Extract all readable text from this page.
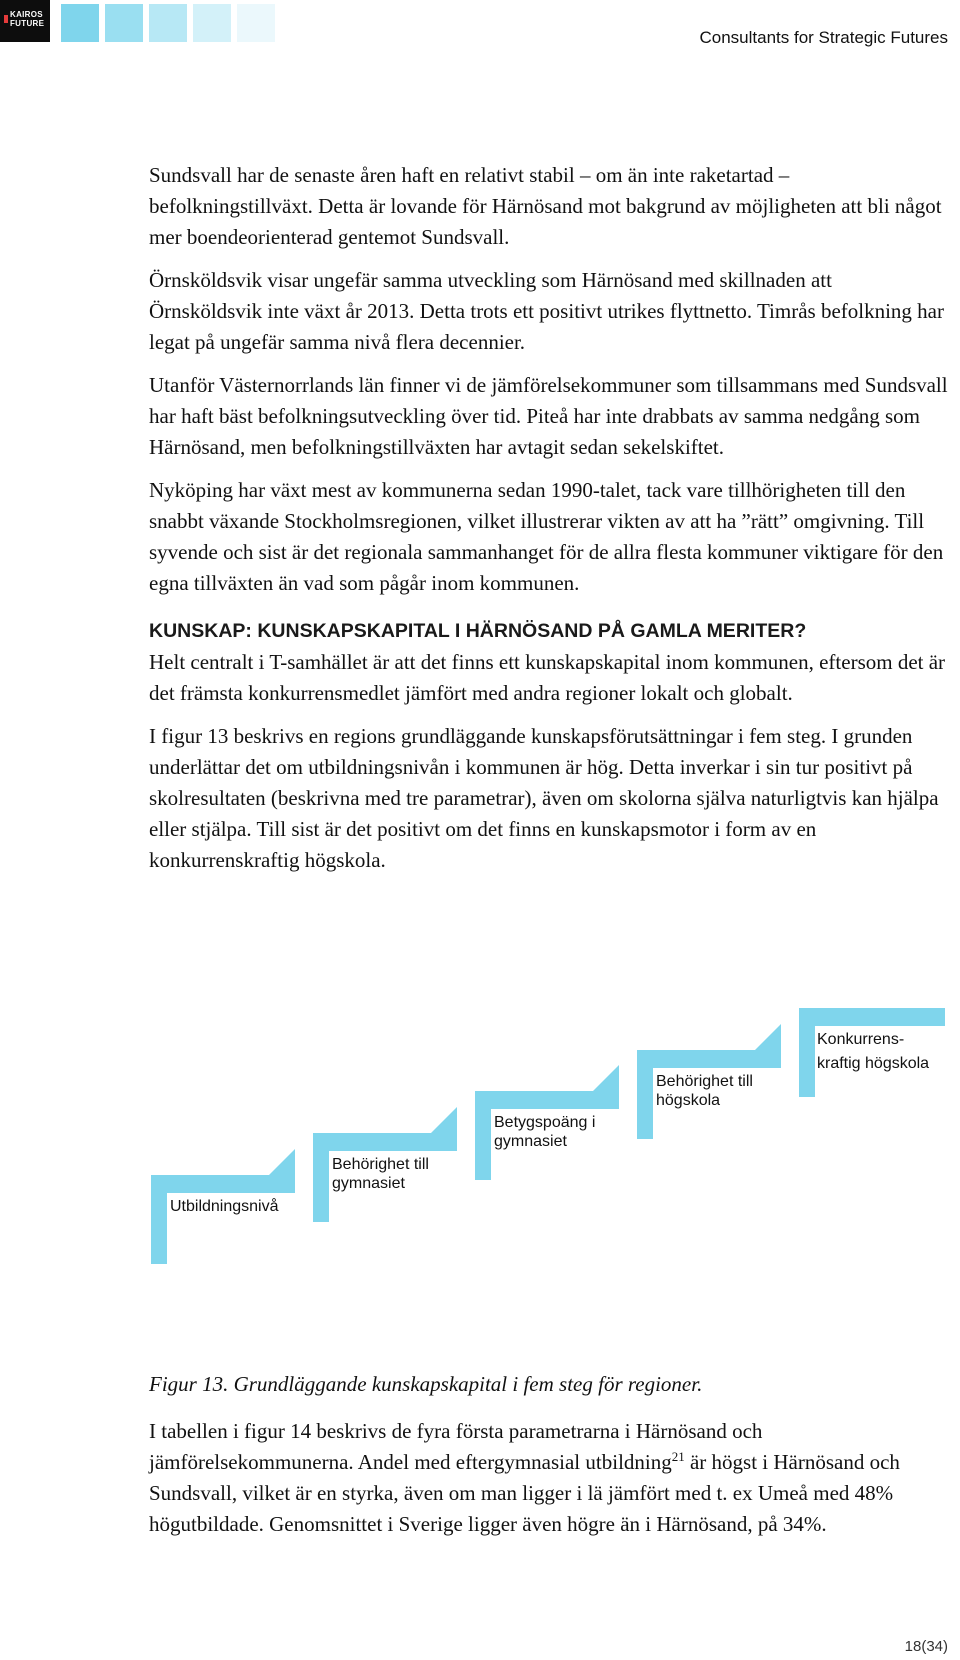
KAIROS
FUTURE
Consultants for Strategic Futures

Sundsvall har de senaste åren haft en relativt stabil – om än inte raketartad – befolkningstillväxt. Detta är lovande för Härnösand mot bakgrund av möjligheten att bli något mer boendeorienterad gentemot Sundsvall.

Örnsköldsvik visar ungefär samma utveckling som Härnösand med skillnaden att Örnsköldsvik inte växt år 2013. Detta trots ett positivt utrikes flyttnetto. Timrås befolkning har legat på ungefär samma nivå flera decennier.

Utanför Västernorrlands län finner vi de jämförelsekommuner som tillsammans med Sundsvall har haft bäst befolkningsutveckling över tid. Piteå har inte drabbats av samma nedgång som Härnösand, men befolkningstillväxten har avtagit sedan sekelskiftet.

Nyköping har växt mest av kommunerna sedan 1990-talet, tack vare tillhörigheten till den snabbt växande Stockholmsregionen, vilket illustrerar vikten av att ha ”rätt” omgivning. Till syvende och sist är det regionala sammanhanget för de allra flesta kommuner viktigare för den egna tillväxten än vad som pågår inom kommunen.

KUNSKAP: KUNSKAPSKAPITAL I HÄRNÖSAND PÅ GAMLA MERITER?

Helt centralt i T-samhället är att det finns ett kunskapskapital inom kommunen, eftersom det är det främsta konkurrensmedlet jämfört med andra regioner lokalt och globalt.

I figur 13 beskrivs en regions grundläggande kunskapsförutsättningar i fem steg. I grunden underlättar det om utbildningsnivån i kommunen är hög. Detta inverkar i sin tur positivt på skolresultaten (beskrivna med tre parametrar), även om skolorna själva naturligtvis kan hjälpa eller stjälpa. Till sist är det positivt om det finns en kunskapsmotor i form av en konkurrenskraftig högskola.

Utbildningsnivå
Behörighet till gymnasiet
Betygspoäng i gymnasiet
Behörighet till högskola
Konkurrens-
kraftig högskola
Figur 13. Grundläggande kunskapskapital i fem steg för regioner.

I tabellen i figur 14 beskrivs de fyra första parametrarna i Härnösand och jämförelsekommunerna. Andel med eftergymnasial utbildning$^{21}$ är högst i Härnösand och Sundsvall, vilket är en styrka, även om man ligger i lä jämfört med t. ex Umeå med 48% högutbildade. Genomsnittet i Sverige ligger även högre än i Härnösand, på 34%.

18(34)
